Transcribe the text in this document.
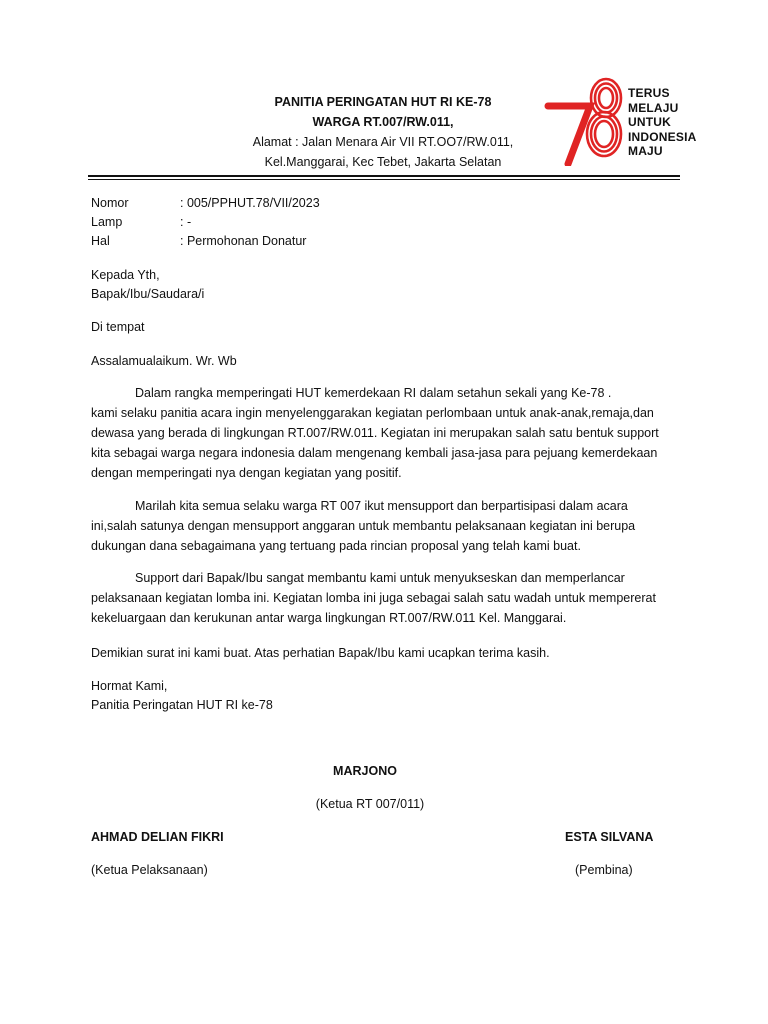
PANITIA PERINGATAN HUT RI KE-78
WARGA RT.007/RW.011,
Alamat : Jalan Menara Air VII RT.OO7/RW.011,
Kel.Manggarai, Kec Tebet, Jakarta Selatan
TERUS
MELAJU
UNTUK
INDONESIA
MAJU
Nomor	: 005/PPHUT.78/VII/2023
Lamp	: -
Hal	: Permohonan Donatur
Kepada Yth,
Bapak/Ibu/Saudara/i
Di tempat
Assalamualaikum. Wr. Wb
Dalam rangka memperingati HUT kemerdekaan RI dalam setahun sekali yang Ke-78 .
kami selaku panitia acara ingin menyelenggarakan kegiatan perlombaan untuk anak-anak,remaja,dan
dewasa yang berada di lingkungan RT.007/RW.011. Kegiatan ini merupakan salah satu bentuk support
kita sebagai warga negara indonesia dalam mengenang kembali jasa-jasa para pejuang kemerdekaan
dengan memperingati nya dengan kegiatan yang positif.
Marilah kita semua selaku warga RT 007 ikut mensupport dan berpartisipasi dalam acara
ini,salah satunya dengan mensupport anggaran untuk membantu pelaksanaan kegiatan ini berupa
dukungan dana sebagaimana yang tertuang pada rincian proposal yang telah kami buat.
Support dari Bapak/Ibu sangat membantu kami untuk menyukseskan dan memperlancar
pelaksanaan kegiatan lomba ini. Kegiatan lomba ini juga sebagai salah satu wadah untuk mempererat
kekeluargaan dan kerukunan antar warga lingkungan RT.007/RW.011 Kel. Manggarai.
Demikian surat ini kami buat. Atas perhatian Bapak/Ibu kami ucapkan terima kasih.
Hormat Kami,
Panitia Peringatan HUT RI ke-78
MARJONO
(Ketua RT 007/011)
AHMAD DELIAN FIKRI
(Ketua Pelaksanaan)
ESTA SILVANA
(Pembina)
